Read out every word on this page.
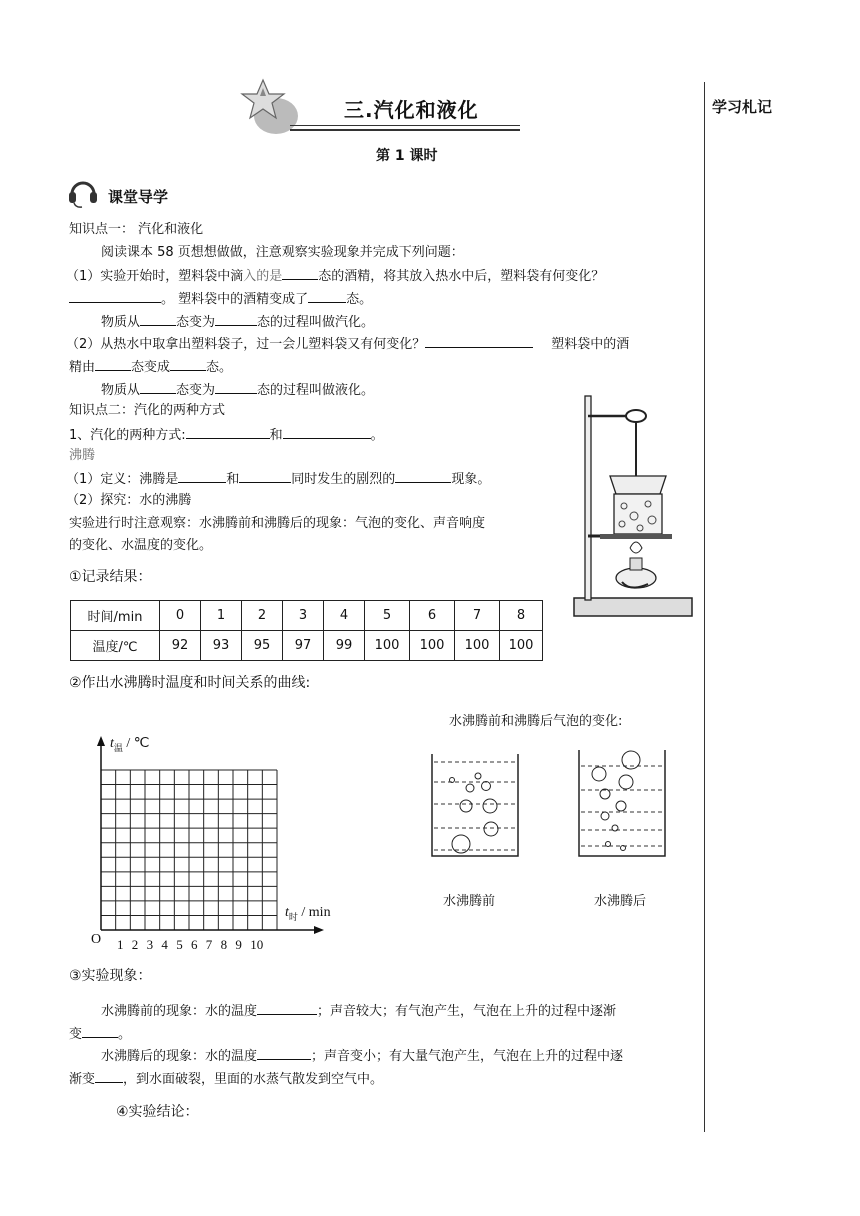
学习札记
三.汽化和液化
第 1 课时
课堂导学
知识点一： 汽化和液化
阅读课本 58 页想想做做，注意观察实验现象并完成下列问题：
（1）实验开始时，塑料袋中滴入的是	态的酒精，将其放入热水中后，塑料袋有何变化？
。 塑料袋中的酒精变成了	态。
物质从	态变为	态的过程叫做汽化。
（2）从热水中取拿出塑料袋子，过一会儿塑料袋又有何变化？	塑料袋中的酒
精由	态变成	态。
物质从	态变为	态的过程叫做液化。
知识点二：汽化的两种方式
1、汽化的两种方式:	和	。
沸腾
（1）定义：沸腾是	和	同时发生的剧烈的	现象。
（2）探究：水的沸腾
实验进行时注意观察：水沸腾前和沸腾后的现象：气泡的变化、声音响度
的变化、水温度的变化。
①记录结果：
时间/min	0	1	2	3	4	5	6	7	8
温度/℃	92	93	95	97	99	100	100	100	100
②作出水沸腾时温度和时间关系的曲线:
$t_温$ / ℃
$t_时$ / min
O 1 2 3 4 5 6 7 8 9 10
水沸腾前和沸腾后气泡的变化:
水沸腾前	水沸腾后
③实验现象：
水沸腾前的现象：水的温度	；声音较大；有气泡产生，气泡在上升的过程中逐渐
变	。
水沸腾后的现象：水的温度	；声音变小；有大量气泡产生，气泡在上升的过程中逐
渐变 ，到水面破裂，里面的水蒸气散发到空气中。
④实验结论：
